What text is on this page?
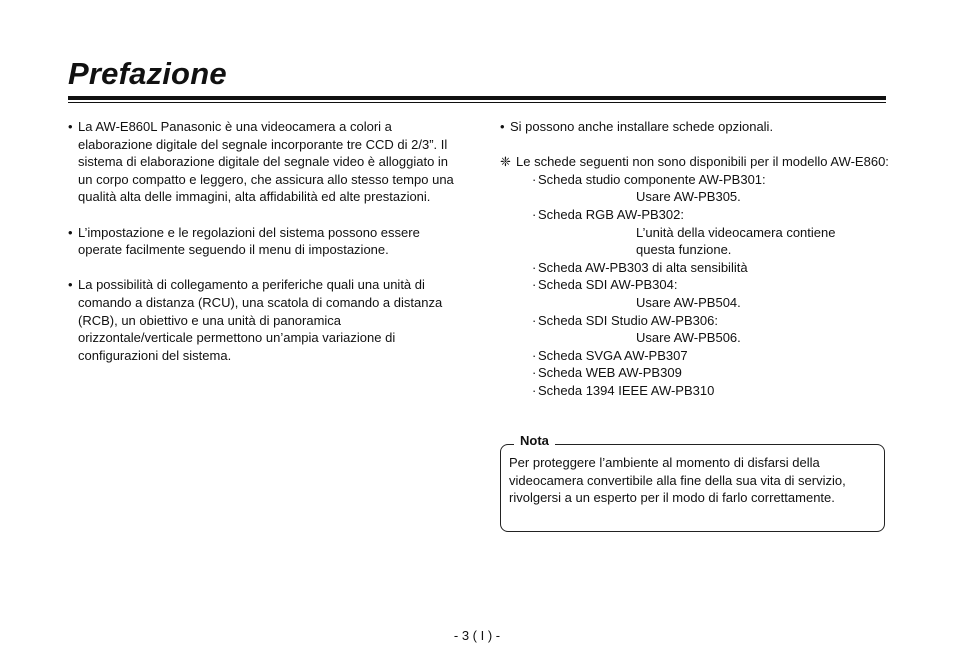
Prefazione

• La AW-E860L Panasonic è una videocamera a colori a elaborazione digitale del segnale incorporante tre CCD di 2/3”. Il sistema di elaborazione digitale del segnale video è alloggiato in un corpo compatto e leggero, che assicura allo stesso tempo una qualità alta delle immagini, alta affidabilità ed alte prestazioni.

• L’impostazione e le regolazioni del sistema possono essere operate facilmente seguendo il menu di impostazione.

• La possibilità di collegamento a periferiche quali una unità di comando a distanza (RCU), una scatola di comando a distanza (RCB), un obiettivo e una unità di panoramica orizzontale/verticale permettono un’ampia variazione di configurazioni del sistema.

• Si possono anche installare schede opzionali.

❈ Le schede seguenti non sono disponibili per il modello AW-E860:

· Scheda studio componente AW-PB301:
Usare AW-PB305.
· Scheda RGB AW-PB302:
L’unità della videocamera contiene
questa funzione.
· Scheda AW-PB303 di alta sensibilità
· Scheda SDI AW-PB304:
Usare AW-PB504.
· Scheda SDI Studio AW-PB306:
Usare AW-PB506.
· Scheda SVGA AW-PB307
· Scheda WEB AW-PB309
· Scheda 1394 IEEE AW-PB310
Nota
Per proteggere l’ambiente al momento di disfarsi della videocamera convertibile alla fine della sua vita di servizio, rivolgersi a un esperto per il modo di farlo correttamente.
- 3 ( I ) -
